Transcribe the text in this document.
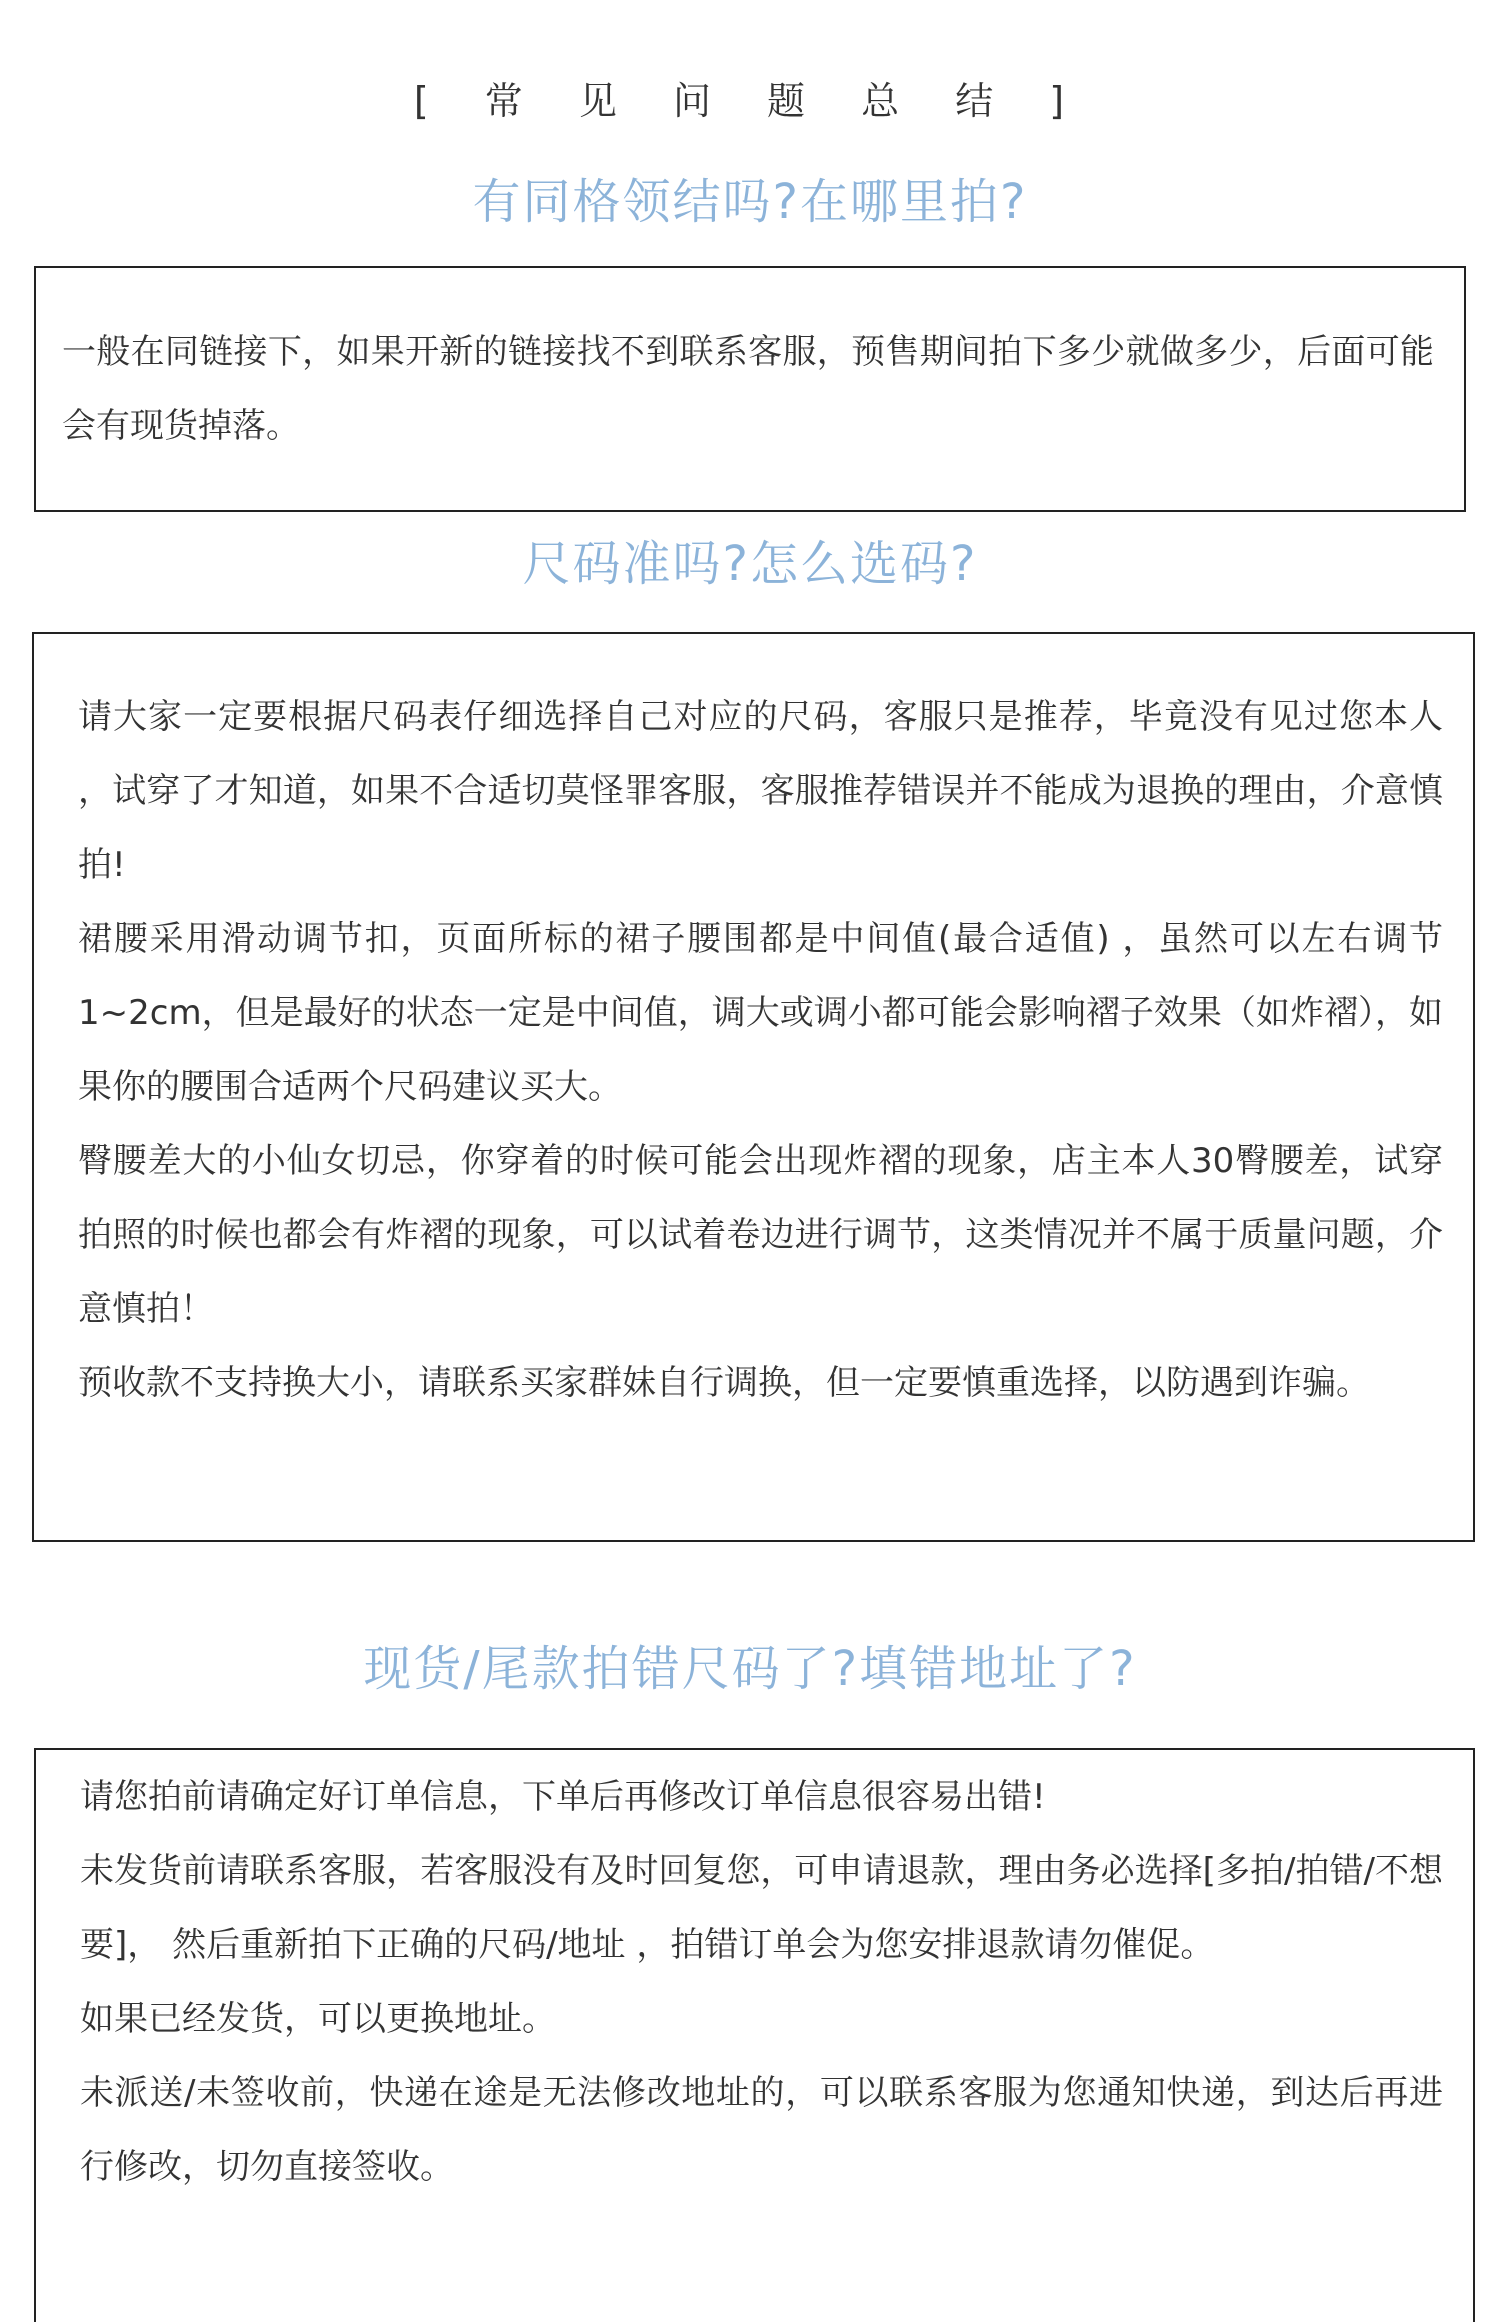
[ 常 见 问 题 总 结 ]
有同格领结吗?在哪里拍?

一般在同链接下，如果开新的链接找不到联系客服，预售期间拍下多少就做多少，后面可能会有现货掉落。

尺码准吗?怎么选码?

请大家一定要根据尺码表仔细选择自己对应的尺码，客服只是推荐，毕竟没有见过您本人 ，试穿了才知道，如果不合适切莫怪罪客服，客服推荐错误并不能成为退换的理由，介意慎拍!

裙腰采用滑动调节扣，页面所标的裙子腰围都是中间值(最合适值) ，虽然可以左右调节1~2cm，但是最好的状态一定是中间值，调大或调小都可能会影响褶子效果（如炸褶），如果你的腰围合适两个尺码建议买大。

臀腰差大的小仙女切忌，你穿着的时候可能会出现炸褶的现象，店主本人30臀腰差，试穿拍照的时候也都会有炸褶的现象，可以试着卷边进行调节，这类情况并不属于质量问题，介意慎拍！

预收款不支持换大小，请联系买家群妹自行调换，但一定要慎重选择，以防遇到诈骗。

现货/尾款拍错尺码了?填错地址了?

请您拍前请确定好订单信息，下单后再修改订单信息很容易出错!

未发货前请联系客服，若客服没有及时回复您，可申请退款，理由务必选择[多拍/拍错/不想要]， 然后重新拍下正确的尺码/地址 ，拍错订单会为您安排退款请勿催促。

如果已经发货，可以更换地址。

未派送/未签收前，快递在途是无法修改地址的，可以联系客服为您通知快递，到达后再进行修改，切勿直接签收。
